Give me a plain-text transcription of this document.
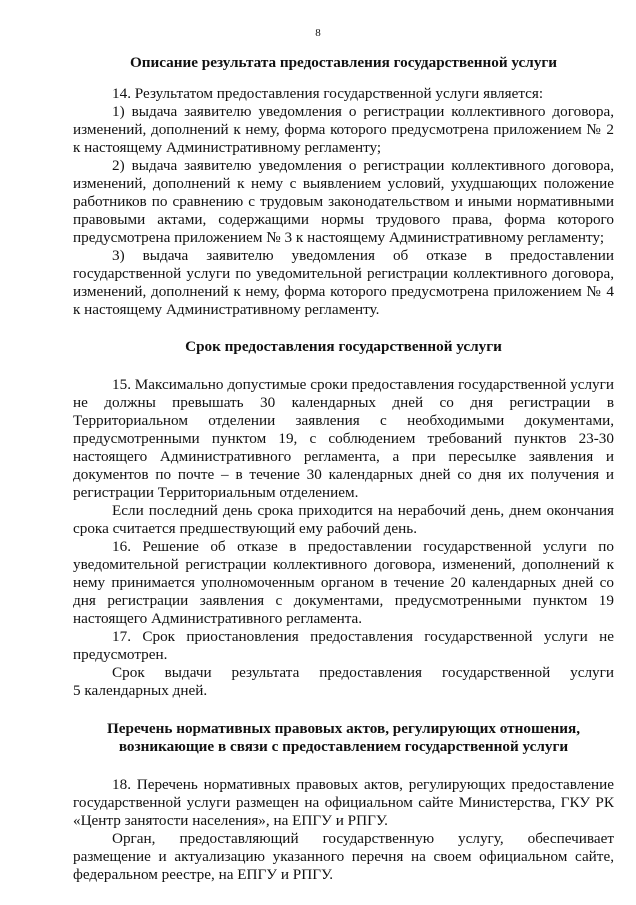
8
Описание результата предоставления государственной услуги

14. Результатом предоставления государственной услуги является:

1) выдача заявителю уведомления о регистрации коллективного договора, изменений, дополнений к нему, форма которого предусмотрена приложением № 2 к настоящему Административному регламенту;

2) выдача заявителю уведомления о регистрации коллективного договора, изменений, дополнений к нему с выявлением условий, ухудшающих положение работников по сравнению с трудовым законодательством и иными нормативными правовыми актами, содержащими нормы трудового права, форма которого предусмотрена приложением № 3 к настоящему Административному регламенту;

3) выдача заявителю уведомления об отказе в предоставлении государственной услуги по уведомительной регистрации коллективного договора, изменений, дополнений к нему, форма которого предусмотрена приложением № 4 к настоящему Административному регламенту.

Срок предоставления государственной услуги

15. Максимально допустимые сроки предоставления государственной услуги не должны превышать 30 календарных дней со дня регистрации в Территориальном отделении заявления с необходимыми документами, предусмотренными пунктом 19, с соблюдением требований пунктов 23-30 настоящего Административного регламента, а при пересылке заявления и документов по почте – в течение 30 календарных дней со дня их получения и регистрации Территориальным отделением.

Если последний день срока приходится на нерабочий день, днем окончания срока считается предшествующий ему рабочий день.

16. Решение об отказе в предоставлении государственной услуги по уведомительной регистрации коллективного договора, изменений, дополнений к нему принимается уполномоченным органом в течение 20 календарных дней со дня регистрации заявления с документами, предусмотренными пунктом 19 настоящего Административного регламента.

17. Срок приостановления предоставления государственной услуги не предусмотрен.

Срок выдачи результата предоставления государственной услуги

5 календарных дней.

Перечень нормативных правовых актов, регулирующих отношения,
возникающие в связи с предоставлением государственной услуги

18. Перечень нормативных правовых актов, регулирующих предоставление государственной услуги размещен на официальном сайте Министерства, ГКУ РК «Центр занятости населения», на ЕПГУ и РПГУ.

Орган, предоставляющий государственную услугу, обеспечивает размещение и актуализацию указанного перечня на своем официальном сайте, федеральном реестре, на ЕПГУ и РПГУ.
